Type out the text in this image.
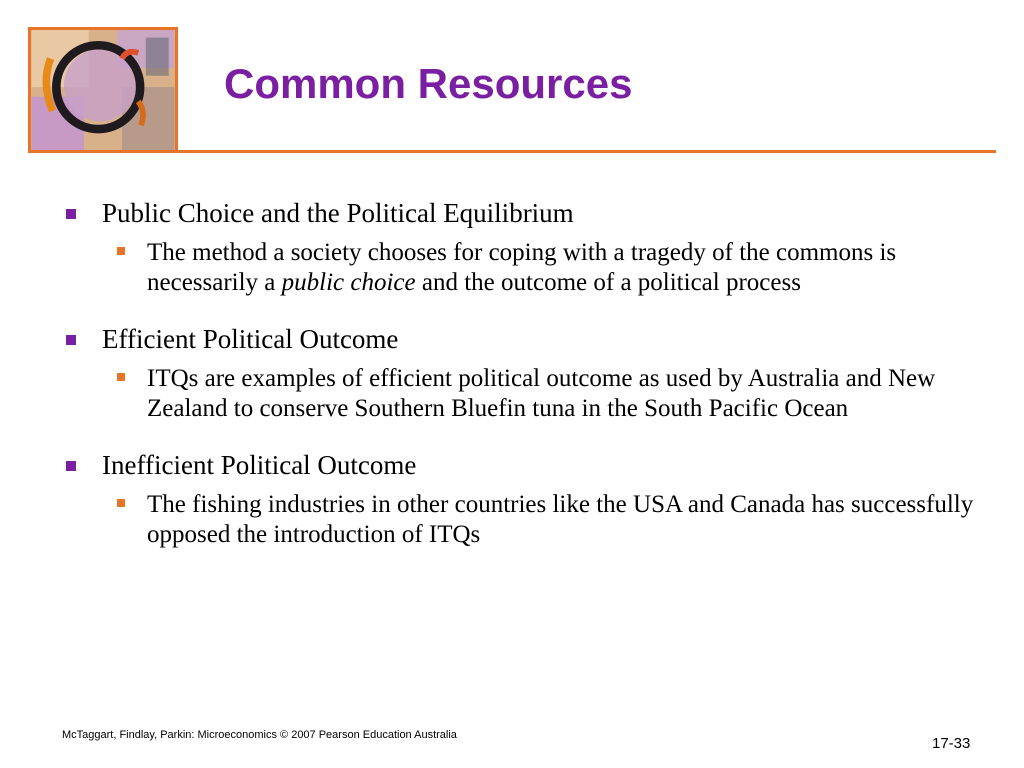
Common Resources
Public Choice and the Political Equilibrium
The method a society chooses for coping with a tragedy of the commons is necessarily a public choice and the outcome of a political process
Efficient Political Outcome
ITQs are examples of efficient political outcome as used by Australia and New Zealand to conserve Southern Bluefin tuna in the South Pacific Ocean
Inefficient Political Outcome
The fishing industries in other countries like the USA and Canada has successfully opposed the introduction of ITQs
McTaggart, Findlay, Parkin: Microeconomics © 2007 Pearson Education Australia	17-33
